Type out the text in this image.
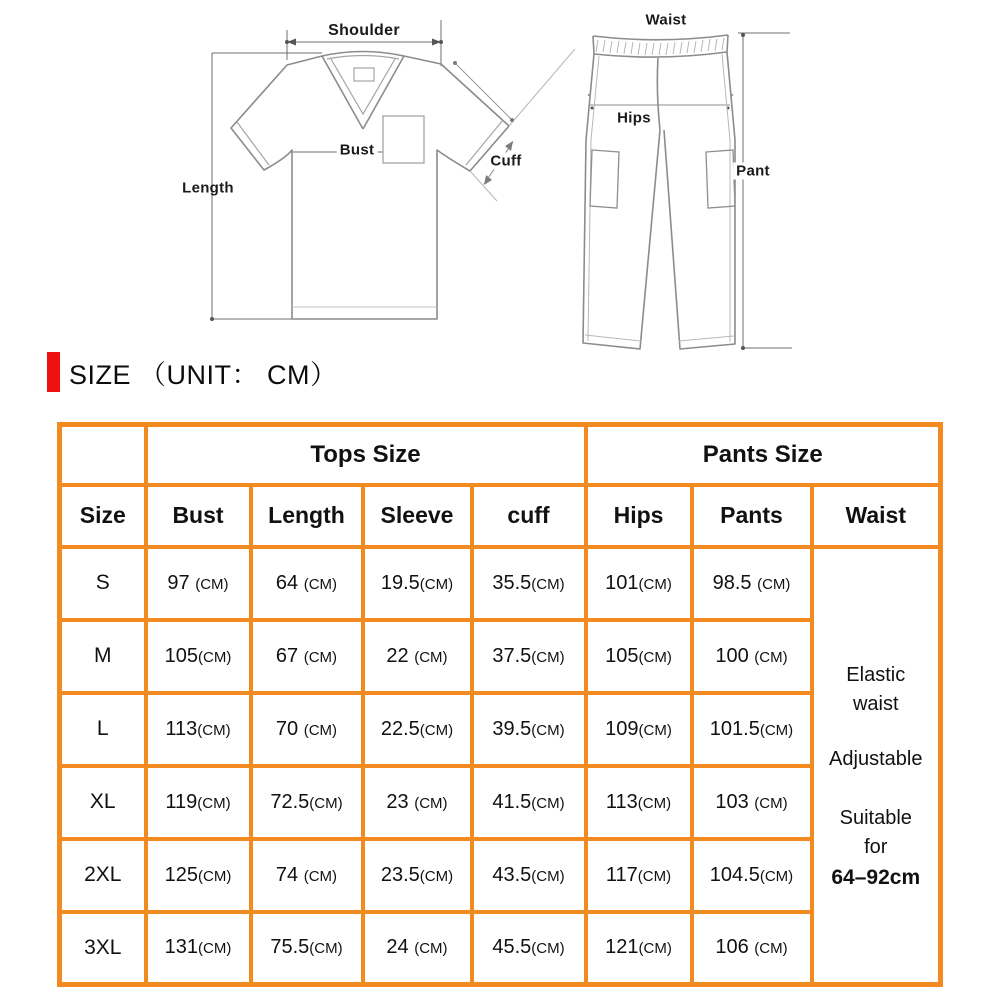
Shoulder
Bust
Cuff
Length
Waist
Hips
Pant
SIZE （UNIT： CM）
	Tops Size				Pants Size		
Size	Bust	Length	Sleeve	cuff	Hips	Pants	Waist
S	97 (CM)	64 (CM)	19.5(CM)	35.5(CM)	101(CM)	98.5 (CM)	Elastic waist
Adjustable
Suitable for
64–92cm

M	105(CM)	67 (CM)	22 (CM)	37.5(CM)	105(CM)	100 (CM)	
L	113(CM)	70 (CM)	22.5(CM)	39.5(CM)	109(CM)	101.5(CM)	
XL	119(CM)	72.5(CM)	23 (CM)	41.5(CM)	113(CM)	103 (CM)	
2XL	125(CM)	74 (CM)	23.5(CM)	43.5(CM)	117(CM)	104.5(CM)	
3XL	131(CM)	75.5(CM)	24 (CM)	45.5(CM)	121(CM)	106 (CM)	
